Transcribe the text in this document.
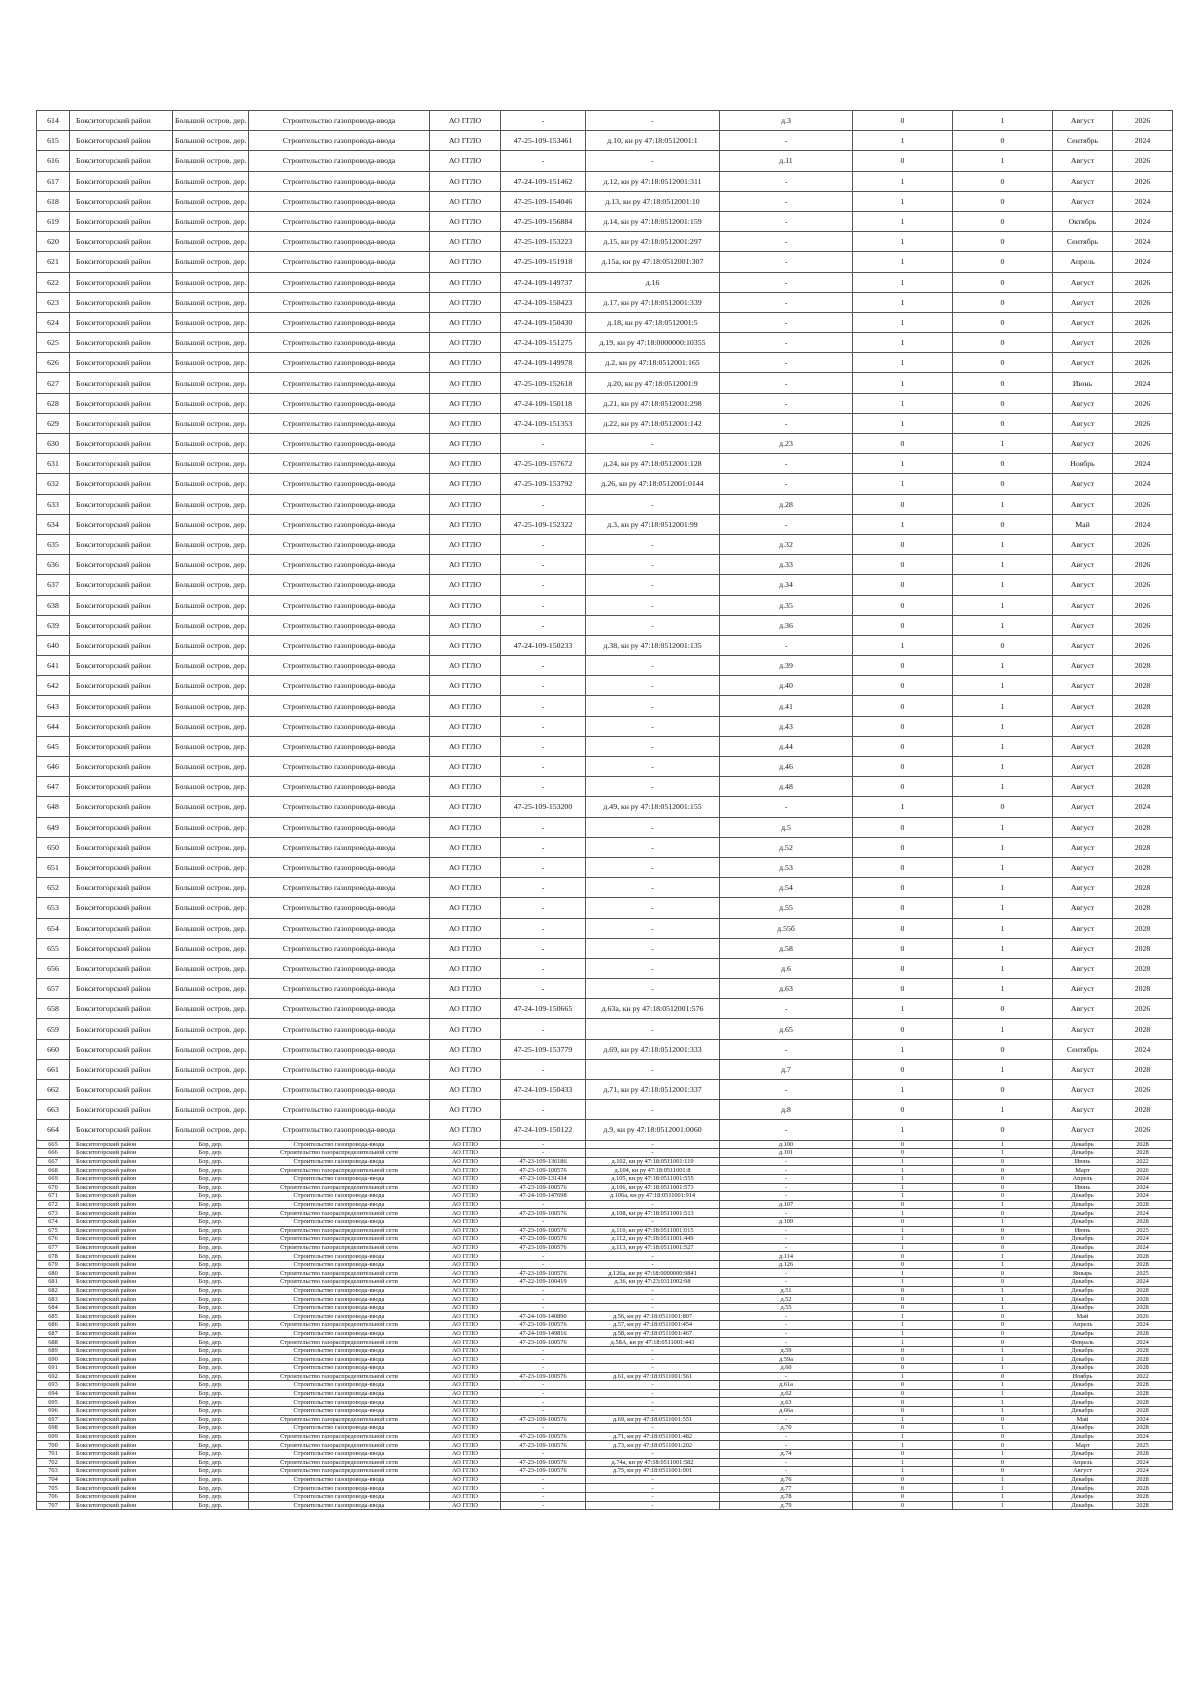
614	Бокситогорский район	Большой остров, дер.	Строительство газопровода-ввода	АО ГГЛО	-	-	д.3	0	1	Август	2026
615	Бокситогорский район	Большой остров, дер.	Строительство газопровода-ввода	АО ГГЛО	47-25-109-153461	д.10, кн ру 47:18:0512001:1	-	1	0	Сентябрь	2024
616	Бокситогорский район	Большой остров, дер.	Строительство газопровода-ввода	АО ГГЛО	-	-	д.11	0	1	Август	2026
617	Бокситогорский район	Большой остров, дер.	Строительство газопровода-ввода	АО ГГЛО	47-24-109-151462	д.12, кн ру 47:18:0512001:311	-	1	0	Август	2026
618	Бокситогорский район	Большой остров, дер.	Строительство газопровода-ввода	АО ГГЛО	47-25-109-154046	д.13, кн ру 47:18:0512001:10	-	1	0	Август	2024
619	Бокситогорский район	Большой остров, дер.	Строительство газопровода-ввода	АО ГГЛО	47-25-109-156884	д.14, кн ру 47:18:0512001:159	-	1	0	Октябрь	2024
620	Бокситогорский район	Большой остров, дер.	Строительство газопровода-ввода	АО ГГЛО	47-25-109-153223	д.15, кн ру 47:18:0512001:297	-	1	0	Сентябрь	2024
621	Бокситогорский район	Большой остров, дер.	Строительство газопровода-ввода	АО ГГЛО	47-25-109-151918	д.15а, кн ру 47:18:0512001:307	-	1	0	Апрель	2024
622	Бокситогорский район	Большой остров, дер.	Строительство газопровода-ввода	АО ГГЛО	47-24-109-149737	д.16	-	1	0	Август	2026
623	Бокситогорский район	Большой остров, дер.	Строительство газопровода-ввода	АО ГГЛО	47-24-109-150423	д.17, кн ру 47:18:0512001:339	-	1	0	Август	2026
624	Бокситогорский район	Большой остров, дер.	Строительство газопровода-ввода	АО ГГЛО	47-24-109-150430	д.18, кн ру 47:18:0512001:5	-	1	0	Август	2026
625	Бокситогорский район	Большой остров, дер.	Строительство газопровода-ввода	АО ГГЛО	47-24-109-151275	д.19, кн ру 47:18:0000000:10355	-	1	0	Август	2026
626	Бокситогорский район	Большой остров, дер.	Строительство газопровода-ввода	АО ГГЛО	47-24-109-149978	д.2, кн ру 47:18:0512001:165	-	1	0	Август	2026
627	Бокситогорский район	Большой остров, дер.	Строительство газопровода-ввода	АО ГГЛО	47-25-109-152618	д.20, кн ру 47:18:0512001:9	-	1	0	Июнь	2024
628	Бокситогорский район	Большой остров, дер.	Строительство газопровода-ввода	АО ГГЛО	47-24-109-150118	д.21, кн ру 47:18:0512001:298	-	1	0	Август	2026
629	Бокситогорский район	Большой остров, дер.	Строительство газопровода-ввода	АО ГГЛО	47-24-109-151353	д.22, кн ру 47:18:0512001:142	-	1	0	Август	2026
630	Бокситогорский район	Большой остров, дер.	Строительство газопровода-ввода	АО ГГЛО	-	-	д.23	0	1	Август	2026
631	Бокситогорский район	Большой остров, дер.	Строительство газопровода-ввода	АО ГГЛО	47-25-109-157672	д.24, кн ру 47:18:0512001:128	-	1	0	Ноябрь	2024
632	Бокситогорский район	Большой остров, дер.	Строительство газопровода-ввода	АО ГГЛО	47-25-109-153792	д.26, кн ру 47:18:0512001:0144	-	1	0	Август	2024
633	Бокситогорский район	Большой остров, дер.	Строительство газопровода-ввода	АО ГГЛО	-	-	д.28	0	1	Август	2026
634	Бокситогорский район	Большой остров, дер.	Строительство газопровода-ввода	АО ГГЛО	47-25-109-152322	д.3, кн ру 47:18:0512001:99	-	1	0	Май	2024
635	Бокситогорский район	Большой остров, дер.	Строительство газопровода-ввода	АО ГГЛО	-	-	д.32	0	1	Август	2026
636	Бокситогорский район	Большой остров, дер.	Строительство газопровода-ввода	АО ГГЛО	-	-	д.33	0	1	Август	2026
637	Бокситогорский район	Большой остров, дер.	Строительство газопровода-ввода	АО ГГЛО	-	-	д.34	0	1	Август	2026
638	Бокситогорский район	Большой остров, дер.	Строительство газопровода-ввода	АО ГГЛО	-	-	д.35	0	1	Август	2026
639	Бокситогорский район	Большой остров, дер.	Строительство газопровода-ввода	АО ГГЛО	-	-	д.36	0	1	Август	2026
640	Бокситогорский район	Большой остров, дер.	Строительство газопровода-ввода	АО ГГЛО	47-24-109-150233	д.38, кн ру 47:18:0512001:135	-	1	0	Август	2026
641	Бокситогорский район	Большой остров, дер.	Строительство газопровода-ввода	АО ГГЛО	-	-	д.39	0	1	Август	2028
642	Бокситогорский район	Большой остров, дер.	Строительство газопровода-ввода	АО ГГЛО	-	-	д.40	0	1	Август	2028
643	Бокситогорский район	Большой остров, дер.	Строительство газопровода-ввода	АО ГГЛО	-	-	д.41	0	1	Август	2028
644	Бокситогорский район	Большой остров, дер.	Строительство газопровода-ввода	АО ГГЛО	-	-	д.43	0	1	Август	2028
645	Бокситогорский район	Большой остров, дер.	Строительство газопровода-ввода	АО ГГЛО	-	-	д.44	0	1	Август	2028
646	Бокситогорский район	Большой остров, дер.	Строительство газопровода-ввода	АО ГГЛО	-	-	д.46	0	1	Август	2028
647	Бокситогорский район	Большой остров, дер.	Строительство газопровода-ввода	АО ГГЛО	-	-	д.48	0	1	Август	2028
648	Бокситогорский район	Большой остров, дер.	Строительство газопровода-ввода	АО ГГЛО	47-25-109-153200	д.49, кн ру 47:18:0512001:155	-	1	0	Август	2024
649	Бокситогорский район	Большой остров, дер.	Строительство газопровода-ввода	АО ГГЛО	-	-	д.5	0	1	Август	2028
650	Бокситогорский район	Большой остров, дер.	Строительство газопровода-ввода	АО ГГЛО	-	-	д.52	0	1	Август	2028
651	Бокситогорский район	Большой остров, дер.	Строительство газопровода-ввода	АО ГГЛО	-	-	д.53	0	1	Август	2028
652	Бокситогорский район	Большой остров, дер.	Строительство газопровода-ввода	АО ГГЛО	-	-	д.54	0	1	Август	2028
653	Бокситогорский район	Большой остров, дер.	Строительство газопровода-ввода	АО ГГЛО	-	-	д.55	0	1	Август	2028
654	Бокситогорский район	Большой остров, дер.	Строительство газопровода-ввода	АО ГГЛО	-	-	д.55б	0	1	Август	2028
655	Бокситогорский район	Большой остров, дер.	Строительство газопровода-ввода	АО ГГЛО	-	-	д.58	0	1	Август	2028
656	Бокситогорский район	Большой остров, дер.	Строительство газопровода-ввода	АО ГГЛО	-	-	д.6	0	1	Август	2028
657	Бокситогорский район	Большой остров, дер.	Строительство газопровода-ввода	АО ГГЛО	-	-	д.63	0	1	Август	2028
658	Бокситогорский район	Большой остров, дер.	Строительство газопровода-ввода	АО ГГЛО	47-24-109-150665	д.63а, кн ру 47:18:0512001:576	-	1	0	Август	2026
659	Бокситогорский район	Большой остров, дер.	Строительство газопровода-ввода	АО ГГЛО	-	-	д.65	0	1	Август	2028
660	Бокситогорский район	Большой остров, дер.	Строительство газопровода-ввода	АО ГГЛО	47-25-109-153779	д.69, кн ру 47:18:0512001:333	-	1	0	Сентябрь	2024
661	Бокситогорский район	Большой остров, дер.	Строительство газопровода-ввода	АО ГГЛО	-	-	д.7	0	1	Август	2028
662	Бокситогорский район	Большой остров, дер.	Строительство газопровода-ввода	АО ГГЛО	47-24-109-150433	д.71, кн ру 47:18:0512001:337	-	1	0	Август	2026
663	Бокситогорский район	Большой остров, дер.	Строительство газопровода-ввода	АО ГГЛО	-	-	д.8	0	1	Август	2028
664	Бокситогорский район	Большой остров, дер.	Строительство газопровода-ввода	АО ГГЛО	47-24-109-150122	д.9, кн ру 47:18:0512001:0060	-	1	0	Август	2026
665	Бокситогорский район	Бор, дер.	Строительство газопровода-ввода	АО ГГЛО	-	-	д.100	0	1	Декабрь	2028
666	Бокситогорский район	Бор, дер.	Строительство газораспределительной сети	АО ГГЛО	-	-	д.101	0	1	Декабрь	2028
667	Бокситогорский район	Бор, дер.	Строительство газопровода-ввода	АО ГГЛО	47-23-109-136186	д.102, кн ру 47:18:0511001:119	-	1	0	Июнь	2022
668	Бокситогорский район	Бор, дер.	Строительство газораспределительной сети	АО ГГЛО	47-23-109-100576	д.104, кн ру 47:18:0511001:8	-	1	0	Март	2026
669	Бокситогорский район	Бор, дер.	Строительство газопровода-ввода	АО ГГЛО	47-23-109-131434	д.105, кн ру 47:18:0511001:555	-	1	0	Апрель	2024
670	Бокситогорский район	Бор, дер.	Строительство газораспределительной сети	АО ГГЛО	47-23-109-100576	д.106, кн ру 47:18:0511001:573	-	1	0	Июнь	2024
671	Бокситогорский район	Бор, дер.	Строительство газопровода-ввода	АО ГГЛО	47-24-109-147698	д.106а, кн ру 47:18:0511001:914	-	1	0	Декабрь	2024
672	Бокситогорский район	Бор, дер.	Строительство газопровода-ввода	АО ГГЛО	-	-	д.107	0	1	Декабрь	2028
673	Бокситогорский район	Бор, дер.	Строительство газораспределительной сети	АО ГГЛО	47-23-109-100576	д.108, кн ру 47:18:0511001:513	-	1	0	Декабрь	2024
674	Бокситогорский район	Бор, дер.	Строительство газопровода-ввода	АО ГГЛО	-	-	д.109	0	1	Декабрь	2028
675	Бокситогорский район	Бор, дер.	Строительство газораспределительной сети	АО ГГЛО	47-23-109-100576	д.110, кн ру 47:18:0511001:015	-	1	0	Июнь	2025
676	Бокситогорский район	Бор, дер.	Строительство газораспределительной сети	АО ГГЛО	47-23-109-100576	д.112, кн ру 47:18:0511001:449	-	1	0	Декабрь	2024
677	Бокситогорский район	Бор, дер.	Строительство газораспределительной сети	АО ГГЛО	47-23-109-100576	д.113, кн ру 47:18:0511001:527	-	1	0	Декабрь	2024
678	Бокситогорский район	Бор, дер.	Строительство газопровода-ввода	АО ГГЛО	-	-	д.114	0	1	Декабрь	2028
679	Бокситогорский район	Бор, дер.	Строительство газопровода-ввода	АО ГГЛО	-	-	д.126	0	1	Декабрь	2028
680	Бокситогорский район	Бор, дер.	Строительство газораспределительной сети	АО ГГЛО	47-23-109-100576	д.126а, кн ру 47:18:0000000:9841	-	1	0	Январь	2025
681	Бокситогорский район	Бор, дер.	Строительство газораспределительной сети	АО ГГЛО	47-22-109-100419	д.36, кн ру 47:23:0311002:98	-	1	0	Декабрь	2024
682	Бокситогорский район	Бор, дер.	Строительство газопровода-ввода	АО ГГЛО	-	-	д.51	0	1	Декабрь	2028
683	Бокситогорский район	Бор, дер.	Строительство газопровода-ввода	АО ГГЛО	-	-	д.52	0	1	Декабрь	2028
684	Бокситогорский район	Бор, дер.	Строительство газопровода-ввода	АО ГГЛО	-	-	д.55	0	1	Декабрь	2028
685	Бокситогорский район	Бор, дер.	Строительство газопровода-ввода	АО ГГЛО	47-24-109-140890	д.56, кн ру 47:18:0511001:807	-	1	0	Май	2026
686	Бокситогорский район	Бор, дер.	Строительство газораспределительной сети	АО ГГЛО	47-23-109-100576	д.57, кн ру 47:18:0511001:454	-	1	0	Апрель	2024
687	Бокситогорский район	Бор, дер.	Строительство газопровода-ввода	АО ГГЛО	47-24-109-149816	д.58, кн ру 47:18:0511001:467	-	1	0	Декабрь	2028
688	Бокситогорский район	Бор, дер.	Строительство газораспределительной сети	АО ГГЛО	47-23-109-100576	д.58А, кн ру 47:18:0511001:443	-	1	0	Февраль	2024
689	Бокситогорский район	Бор, дер.	Строительство газопровода-ввода	АО ГГЛО	-	-	д.59	0	1	Декабрь	2028
690	Бокситогорский район	Бор, дер.	Строительство газопровода-ввода	АО ГГЛО	-	-	д.59а	0	1	Декабрь	2028
691	Бокситогорский район	Бор, дер.	Строительство газопровода-ввода	АО ГГЛО	-	-	д.60	0	1	Декабрь	2028
692	Бокситогорский район	Бор, дер.	Строительство газораспределительной сети	АО ГГЛО	47-23-109-100576	д.61, кн ру 47:18:0511001:561	-	1	0	Ноябрь	2022
693	Бокситогорский район	Бор, дер.	Строительство газопровода-ввода	АО ГГЛО	-	-	д.61а	0	1	Декабрь	2028
694	Бокситогорский район	Бор, дер.	Строительство газопровода-ввода	АО ГГЛО	-	-	д.62	0	1	Декабрь	2028
695	Бокситогорский район	Бор, дер.	Строительство газопровода-ввода	АО ГГЛО	-	-	д.63	0	1	Декабрь	2028
696	Бокситогорский район	Бор, дер.	Строительство газопровода-ввода	АО ГГЛО	-	-	д.66а	0	1	Декабрь	2028
697	Бокситогорский район	Бор, дер.	Строительство газораспределительной сети	АО ГГЛО	47-23-109-100576	д.69, кн ру 47:18:0511001:551	-	1	0	Май	2024
698	Бокситогорский район	Бор, дер.	Строительство газопровода-ввода	АО ГГЛО	-	-	д.70	0	1	Декабрь	2028
699	Бокситогорский район	Бор, дер.	Строительство газораспределительной сети	АО ГГЛО	47-23-109-100576	д.71, кн ру 47:18:0511001:482	-	1	0	Декабрь	2024
700	Бокситогорский район	Бор, дер.	Строительство газораспределительной сети	АО ГГЛО	47-23-109-100576	д.73, кн ру 47:18:0511001:202	-	1	0	Март	2025
701	Бокситогорский район	Бор, дер.	Строительство газопровода-ввода	АО ГГЛО	-	-	д.74	0	1	Декабрь	2028
702	Бокситогорский район	Бор, дер.	Строительство газораспределительной сети	АО ГГЛО	47-23-109-100576	д.74а, кн ру 47:18:0511001:582	-	1	0	Апрель	2024
703	Бокситогорский район	Бор, дер.	Строительство газораспределительной сети	АО ГГЛО	47-23-109-100576	д.75, кн ру 47:18:0511001:001	-	1	0	Август	2024
704	Бокситогорский район	Бор, дер.	Строительство газопровода-ввода	АО ГГЛО	-	-	д.76	0	1	Декабрь	2028
705	Бокситогорский район	Бор, дер.	Строительство газопровода-ввода	АО ГГЛО	-	-	д.77	0	1	Декабрь	2028
706	Бокситогорский район	Бор, дер.	Строительство газопровода-ввода	АО ГГЛО	-	-	д.78	0	1	Декабрь	2028
707	Бокситогорский район	Бор, дер.	Строительство газопровода-ввода	АО ГГЛО	-	-	д.79	0	1	Декабрь	2028
